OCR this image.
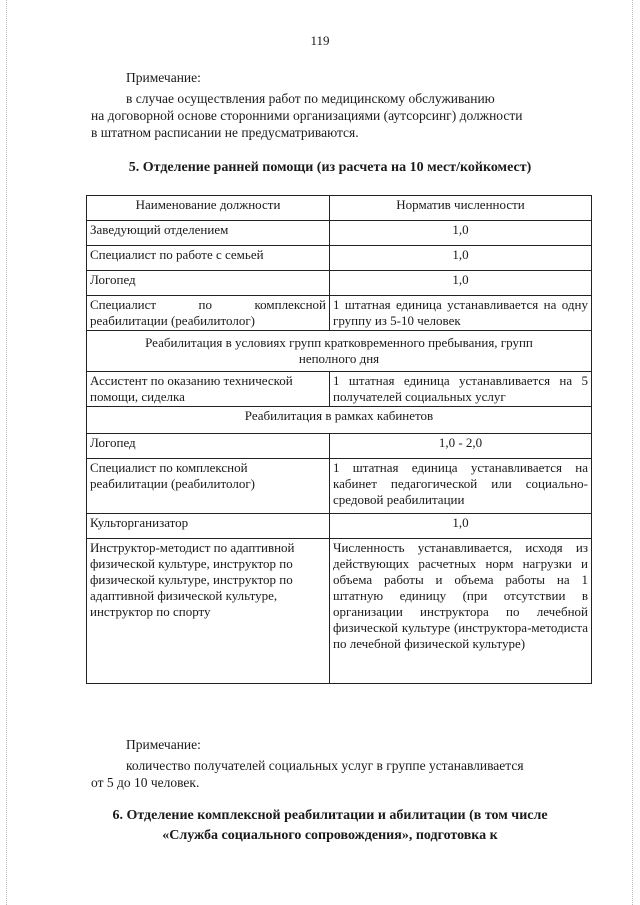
119
Примечание:
в случае осуществления работ по медицинскому обслуживанию
на договорной основе сторонними организациями (аутсорсинг) должности
в штатном расписании не предусматриваются.
5. Отделение ранней помощи (из расчета на 10 мест/койкомест)
Наименование должности	Норматив численности
Заведующий отделением	1,0
Специалист по работе с семьей	1,0
Логопед	1,0
Специалист по комплексной реабилитации (реабилитолог)	1 штатная единица устанавливается на одну группу из 5-10 человек
Реабилитация в условиях групп кратковременного пребывания, групп неполного дня	
Ассистент по оказанию технической помощи, сиделка	1 штатная единица устанавливается на 5 получателей социальных услуг
Реабилитация в рамках кабинетов	
Логопед	1,0 - 2,0
Специалист по комплексной реабилитации (реабилитолог)	1 штатная единица устанавливается на кабинет педагогической или социально-средовой реабилитации
Культорганизатор	1,0
Инструктор-методист по адаптивной физической культуре, инструктор по физической культуре, инструктор по адаптивной физической культуре, инструктор по спорту	Численность устанавливается, исходя из действующих расчетных норм нагрузки и объема работы и объема работы на 1 штатную единицу (при отсутствии в организации инструктора по лечебной физической культуре (инструктора-методиста по лечебной физической культуре)
Примечание:
количество получателей социальных услуг в группе устанавливается
от 5 до 10 человек.
6. Отделение комплексной реабилитации и абилитации (в том числе
«Служба социального сопровождения», подготовка к
